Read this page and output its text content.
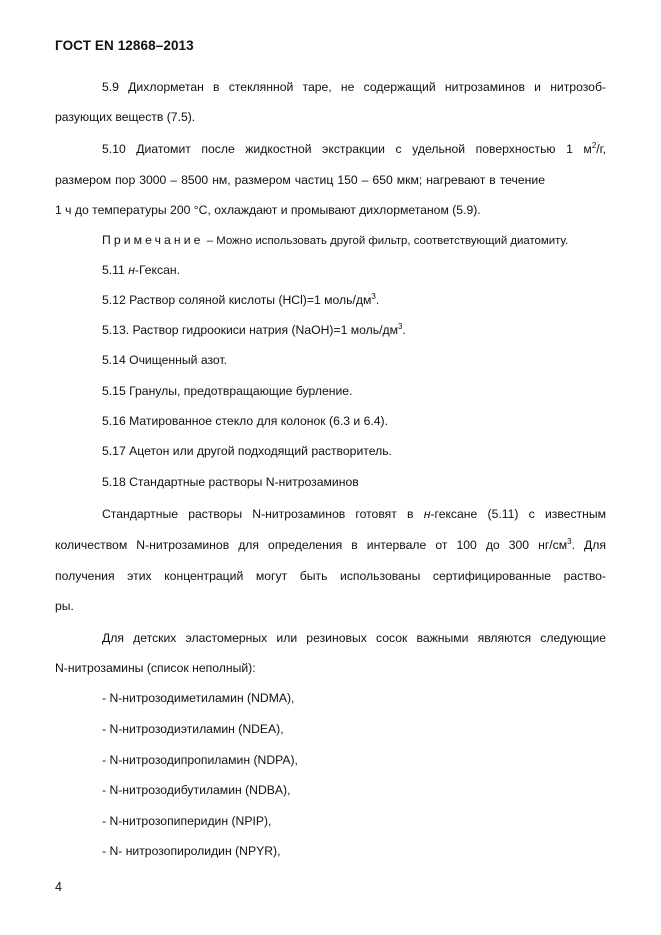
ГОСТ EN 12868–2013
5.9 Дихлорметан в стеклянной таре, не содержащий нитрозаминов и нитрозоб-
разующих веществ (7.5).
5.10 Диатомит после жидкостной экстракции с удельной поверхностью 1 $м^2/г$,
размером пор 3000 – 8500 нм, размером частиц 150 – 650 мкм; нагревают в течение
1 ч до температуры 200 °С, охлаждают и промывают дихлорметаном (5.9).
Примечание – Можно использовать другой фильтр, соответствующий диатомиту.
5.11 н-Гексан.
5.12 Раствор соляной кислоты (HCl)=1 моль/$дм^3$.
5.13. Раствор гидроокиси натрия (NaOH)=1 моль/$дм^3$.
5.14 Очищенный азот.
5.15 Гранулы, предотвращающие бурление.
5.16 Матированное стекло для колонок (6.3 и 6.4).
5.17 Ацетон или другой подходящий растворитель.
5.18 Стандартные растворы N-нитрозаминов
Стандартные растворы N-нитрозаминов готовят в н-гексане (5.11) с известным
количеством N-нитрозаминов для определения в интервале от 100 до 300 $нг/см^3$. Для
получения этих концентраций могут быть использованы сертифицированные раство-
ры.
Для детских эластомерных или резиновых сосок важными являются следующие
N-нитрозамины (список неполный):
- N-нитрозодиметиламин (NDMA),
- N-нитрозодиэтиламин (NDEA),
- N-нитрозодипропиламин (NDPA),
- N-нитрозодибутиламин (NDBA),
- N-нитрозопиперидин (NPIP),
- N- нитрозопиролидин (NPYR),
4
